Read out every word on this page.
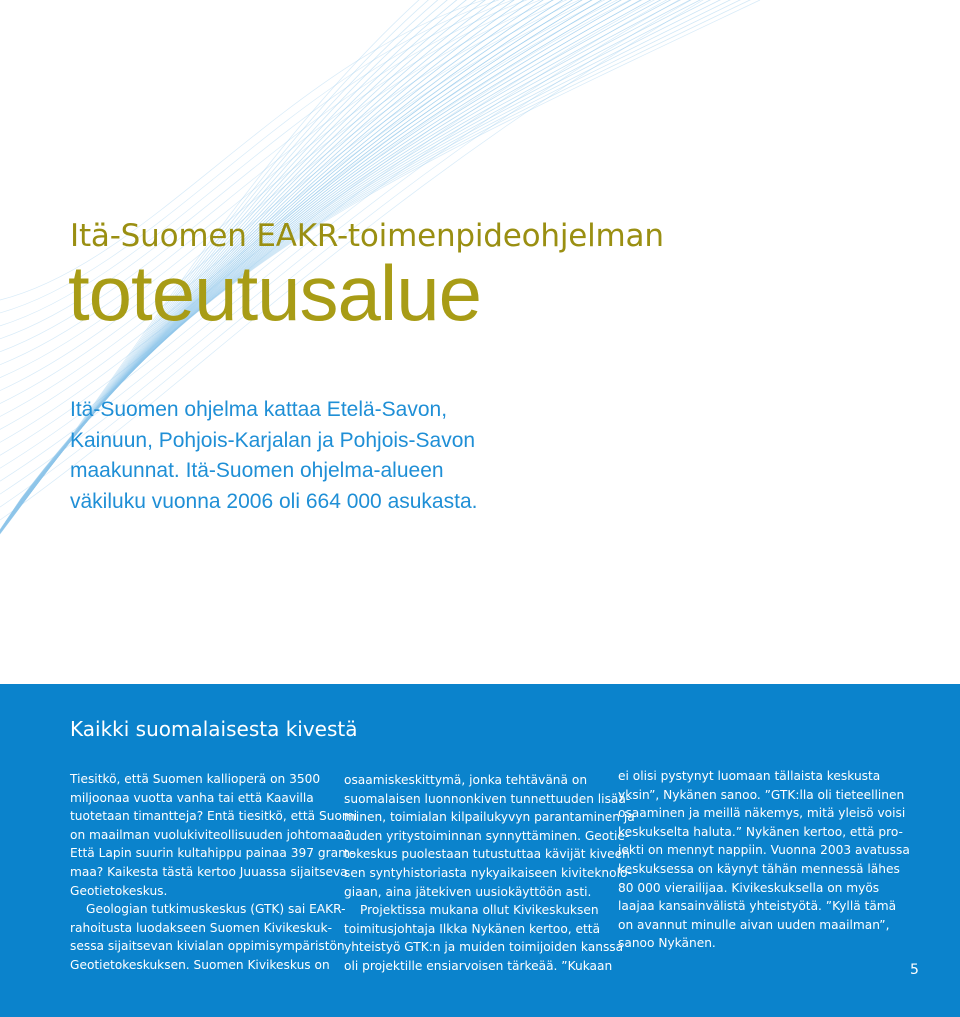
Itä-Suomen EAKR-toimenpideohjelman
toteutusalue
Itä-Suomen ohjelma kattaa Etelä-Savon,
Kainuun, Pohjois-Karjalan ja Pohjois-Savon
maakunnat. Itä-Suomen ohjelma-alueen
väkiluku vuonna 2006 oli 664 000 asukasta.
Kaikki suomalaisesta kivestä
Tiesitkö, että Suomen kallioperä on 3500
miljoonaa vuotta vanha tai että Kaavilla
tuotetaan timantteja? Entä tiesitkö, että Suomi
on maailman vuolukiviteollisuuden johtomaa?
Että Lapin suurin kultahippu painaa 397 gram-
maa? Kaikesta tästä kertoo Juuassa sijaitseva
Geotietokeskus.
Geologian tutkimuskeskus (GTK) sai EAKR-
rahoitusta luodakseen Suomen Kivikeskuk-
sessa sijaitsevan kivialan oppimisympäristön
Geotietokeskuksen. Suomen Kivikeskus on
osaamiskeskittymä, jonka tehtävänä on
suomalaisen luonnonkiven tunnettuuden lisää-
minen, toimialan kilpailukyvyn parantaminen ja
uuden yritystoiminnan synnyttäminen. Geotie-
tokeskus puolestaan tutustuttaa kävijät kiveen
sen syntyhistoriasta nykyaikaiseen kiviteknolo-
giaan, aina jätekiven uusiokäyttöön asti.
Projektissa mukana ollut Kivikeskuksen
toimitusjohtaja Ilkka Nykänen kertoo, että
yhteistyö GTK:n ja muiden toimijoiden kanssa
oli projektille ensiarvoisen tärkeää. ”Kukaan
ei olisi pystynyt luomaan tällaista keskusta
yksin”, Nykänen sanoo. ”GTK:lla oli tieteellinen
osaaminen ja meillä näkemys, mitä yleisö voisi
keskukselta haluta.” Nykänen kertoo, että pro-
jekti on mennyt nappiin. Vuonna 2003 avatussa
keskuksessa on käynyt tähän mennessä lähes
80 000 vierailijaa. Kivikeskuksella on myös
laajaa kansainvälistä yhteistyötä. ”Kyllä tämä
on avannut minulle aivan uuden maailman”,
sanoo Nykänen.
5
